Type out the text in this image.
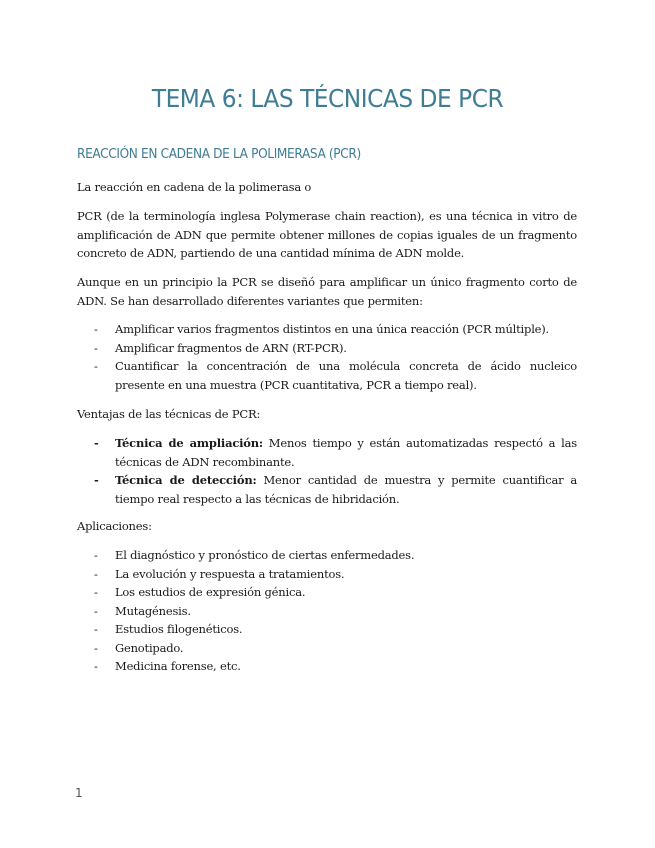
TEMA 6: LAS TÉCNICAS DE PCR
REACCIÓN EN CADENA DE LA POLIMERASA (PCR)
La reacción en cadena de la polimerasa o
PCR (de la terminología inglesa Polymerase chain reaction), es una técnica in vitro de amplificación de ADN que permite obtener millones de copias iguales de un fragmento concreto de ADN, partiendo de una cantidad mínima de ADN molde.
Aunque en un principio la PCR se diseñó para amplificar un único fragmento corto de ADN. Se han desarrollado diferentes variantes que permiten:
- Amplificar varios fragmentos distintos en una única reacción (PCR múltiple).
- Amplificar fragmentos de ARN (RT-PCR).
- Cuantificar la concentración de una molécula concreta de ácido nucleico presente en una muestra (PCR cuantitativa, PCR a tiempo real).
Ventajas de las técnicas de PCR:
- Técnica de ampliación: Menos tiempo y están automatizadas respectó a las técnicas de ADN recombinante.
- Técnica de detección: Menor cantidad de muestra y permite cuantificar a tiempo real respecto a las técnicas de hibridación.
Aplicaciones:
- El diagnóstico y pronóstico de ciertas enfermedades.
- La evolución y respuesta a tratamientos.
- Los estudios de expresión génica.
- Mutagénesis.
- Estudios filogenéticos.
- Genotipado.
- Medicina forense, etc.
1
